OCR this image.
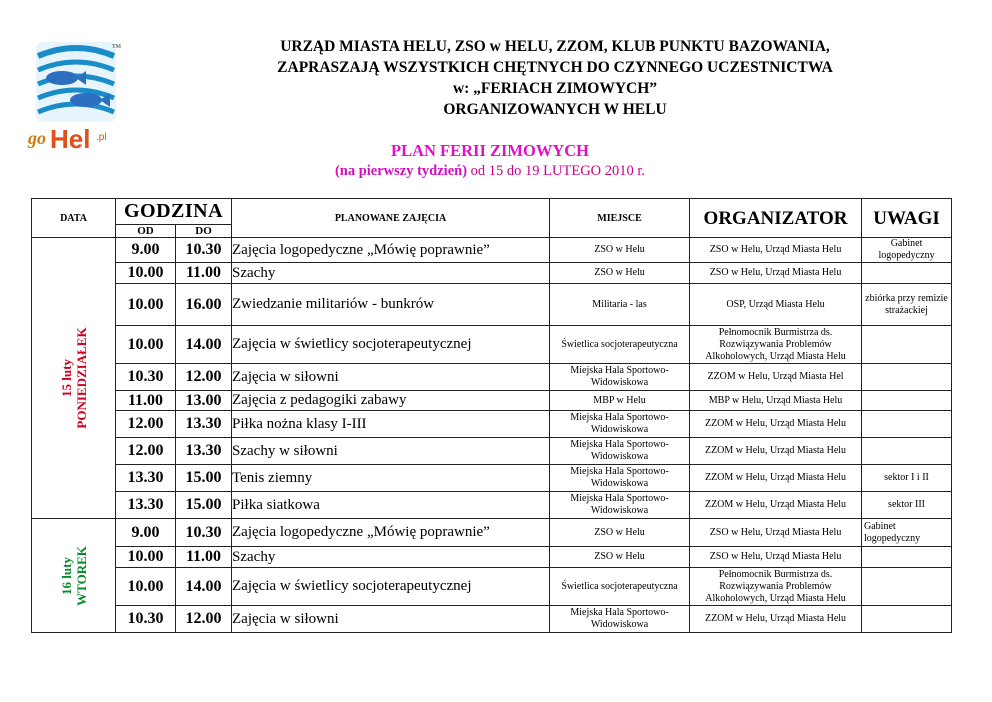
TM
go Hel .pl
URZĄD MIASTA HELU, ZSO w HELU, ZZOM, KLUB PUNKTU BAZOWANIA,
ZAPRASZAJĄ WSZYSTKICH CHĘTNYCH DO CZYNNEGO UCZESTNICTWA
w: „FERIACH ZIMOWYCH”
ORGANIZOWANYCH W HELU
PLAN FERII ZIMOWYCH
(na pierwszy tydzień) od 15 do 19 LUTEGO 2010 r.
DATA	GODZINA		PLANOWANE ZAJĘCIA	MIEJSCE	ORGANIZATOR	UWAGI
	OD	DO				

15 luty PONIEDZIAŁEK	9.00	10.30	Zajęcia logopedyczne „Mówię poprawnie”	ZSO w Helu	ZSO w Helu, Urząd Miasta Helu	Gabinet logopedyczny
	10.00	11.00	Szachy	ZSO w Helu	ZSO w Helu, Urząd Miasta Helu	
	10.00	16.00	Zwiedzanie militariów - bunkrów	Militaria - las	OSP, Urząd Miasta Helu	zbiórka przy remizie strażackiej
	10.00	14.00	Zajęcia w świetlicy socjoterapeutycznej	Świetlica socjoterapeutyczna	Pełnomocnik Burmistrza ds. Rozwiązywania Problemów Alkoholowych, Urząd Miasta Helu	
	10.30	12.00	Zajęcia w siłowni	Miejska Hala Sportowo-Widowiskowa	ZZOM w Helu, Urząd Miasta Hel	
	11.00	13.00	Zajęcia z pedagogiki zabawy	MBP w Helu	MBP w Helu, Urząd Miasta Helu	
	12.00	13.30	Piłka nożna klasy I-III	Miejska Hala Sportowo-Widowiskowa	ZZOM w Helu, Urząd Miasta Helu	
	12.00	13.30	Szachy w siłowni	Miejska Hala Sportowo-Widowiskowa	ZZOM w Helu, Urząd Miasta Helu	
	13.30	15.00	Tenis ziemny	Miejska Hala Sportowo-Widowiskowa	ZZOM w Helu, Urząd Miasta Helu	sektor I i II
	13.30	15.00	Piłka siatkowa	Miejska Hala Sportowo-Widowiskowa	ZZOM w Helu, Urząd Miasta Helu	sektor III

16 luty WTOREK	9.00	10.30	Zajęcia logopedyczne „Mówię poprawnie”	ZSO w Helu	ZSO w Helu, Urząd Miasta Helu	Gabinet logopedyczny
	10.00	11.00	Szachy	ZSO w Helu	ZSO w Helu, Urząd Miasta Helu	
	10.00	14.00	Zajęcia w świetlicy socjoterapeutycznej	Świetlica socjoterapeutyczna	Pełnomocnik Burmistrza ds. Rozwiązywania Problemów Alkoholowych, Urząd Miasta Helu	
	10.30	12.00	Zajęcia w siłowni	Miejska Hala Sportowo-Widowiskowa	ZZOM w Helu, Urząd Miasta Helu	
